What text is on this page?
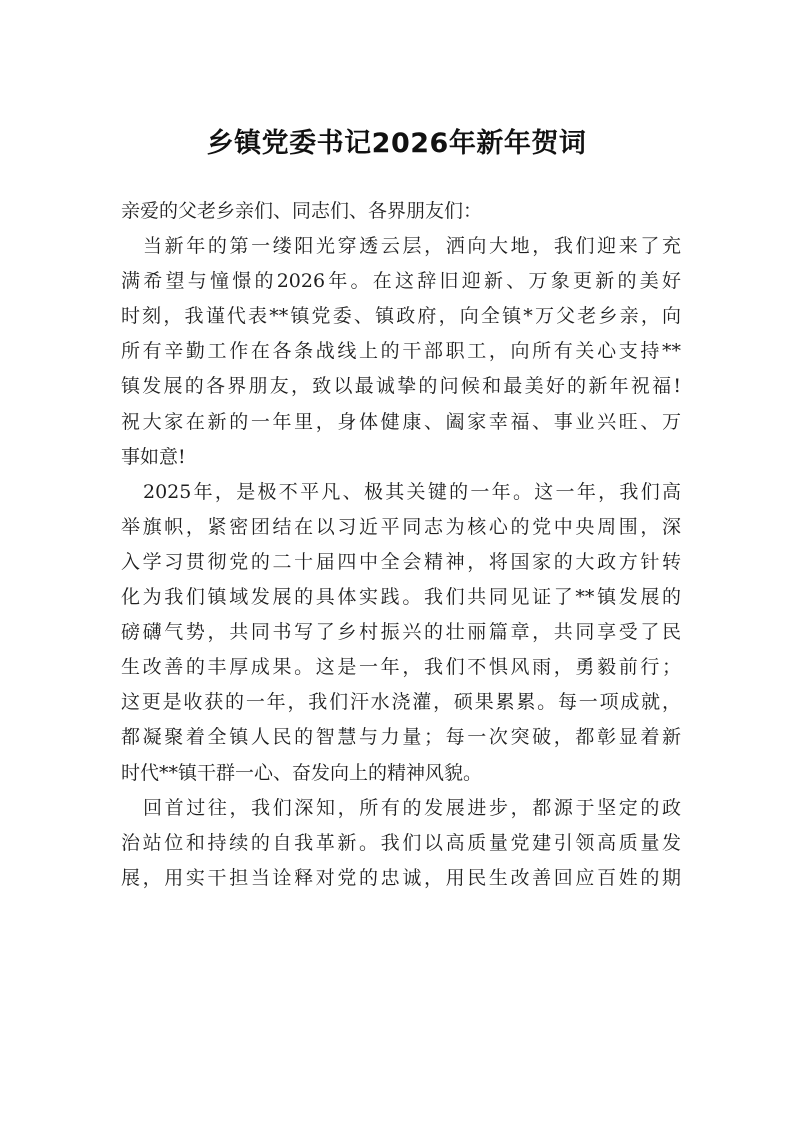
乡镇党委书记2026年新年贺词
亲爱的父老乡亲们、同志们、各界朋友们：
当新年的第一缕阳光穿透云层，洒向大地，我们迎来了充
满希望与憧憬的2026年。在这辞旧迎新、万象更新的美好
时刻，我谨代表**镇党委、镇政府，向全镇*万父老乡亲，向
所有辛勤工作在各条战线上的干部职工，向所有关心支持**
镇发展的各界朋友，致以最诚挚的问候和最美好的新年祝福!
祝大家在新的一年里，身体健康、阖家幸福、事业兴旺、万
事如意!
2025年，是极不平凡、极其关键的一年。这一年，我们高
举旗帜，紧密团结在以习近平同志为核心的党中央周围，深
入学习贯彻党的二十届四中全会精神，将国家的大政方针转
化为我们镇域发展的具体实践。我们共同见证了**镇发展的
磅礴气势，共同书写了乡村振兴的壮丽篇章，共同享受了民
生改善的丰厚成果。这是一年，我们不惧风雨，勇毅前行；
这更是收获的一年，我们汗水浇灌，硕果累累。每一项成就，
都凝聚着全镇人民的智慧与力量；每一次突破，都彰显着新
时代**镇干群一心、奋发向上的精神风貌。
回首过往，我们深知，所有的发展进步，都源于坚定的政
治站位和持续的自我革新。我们以高质量党建引领高质量发
展，用实干担当诠释对党的忠诚，用民生改善回应百姓的期
